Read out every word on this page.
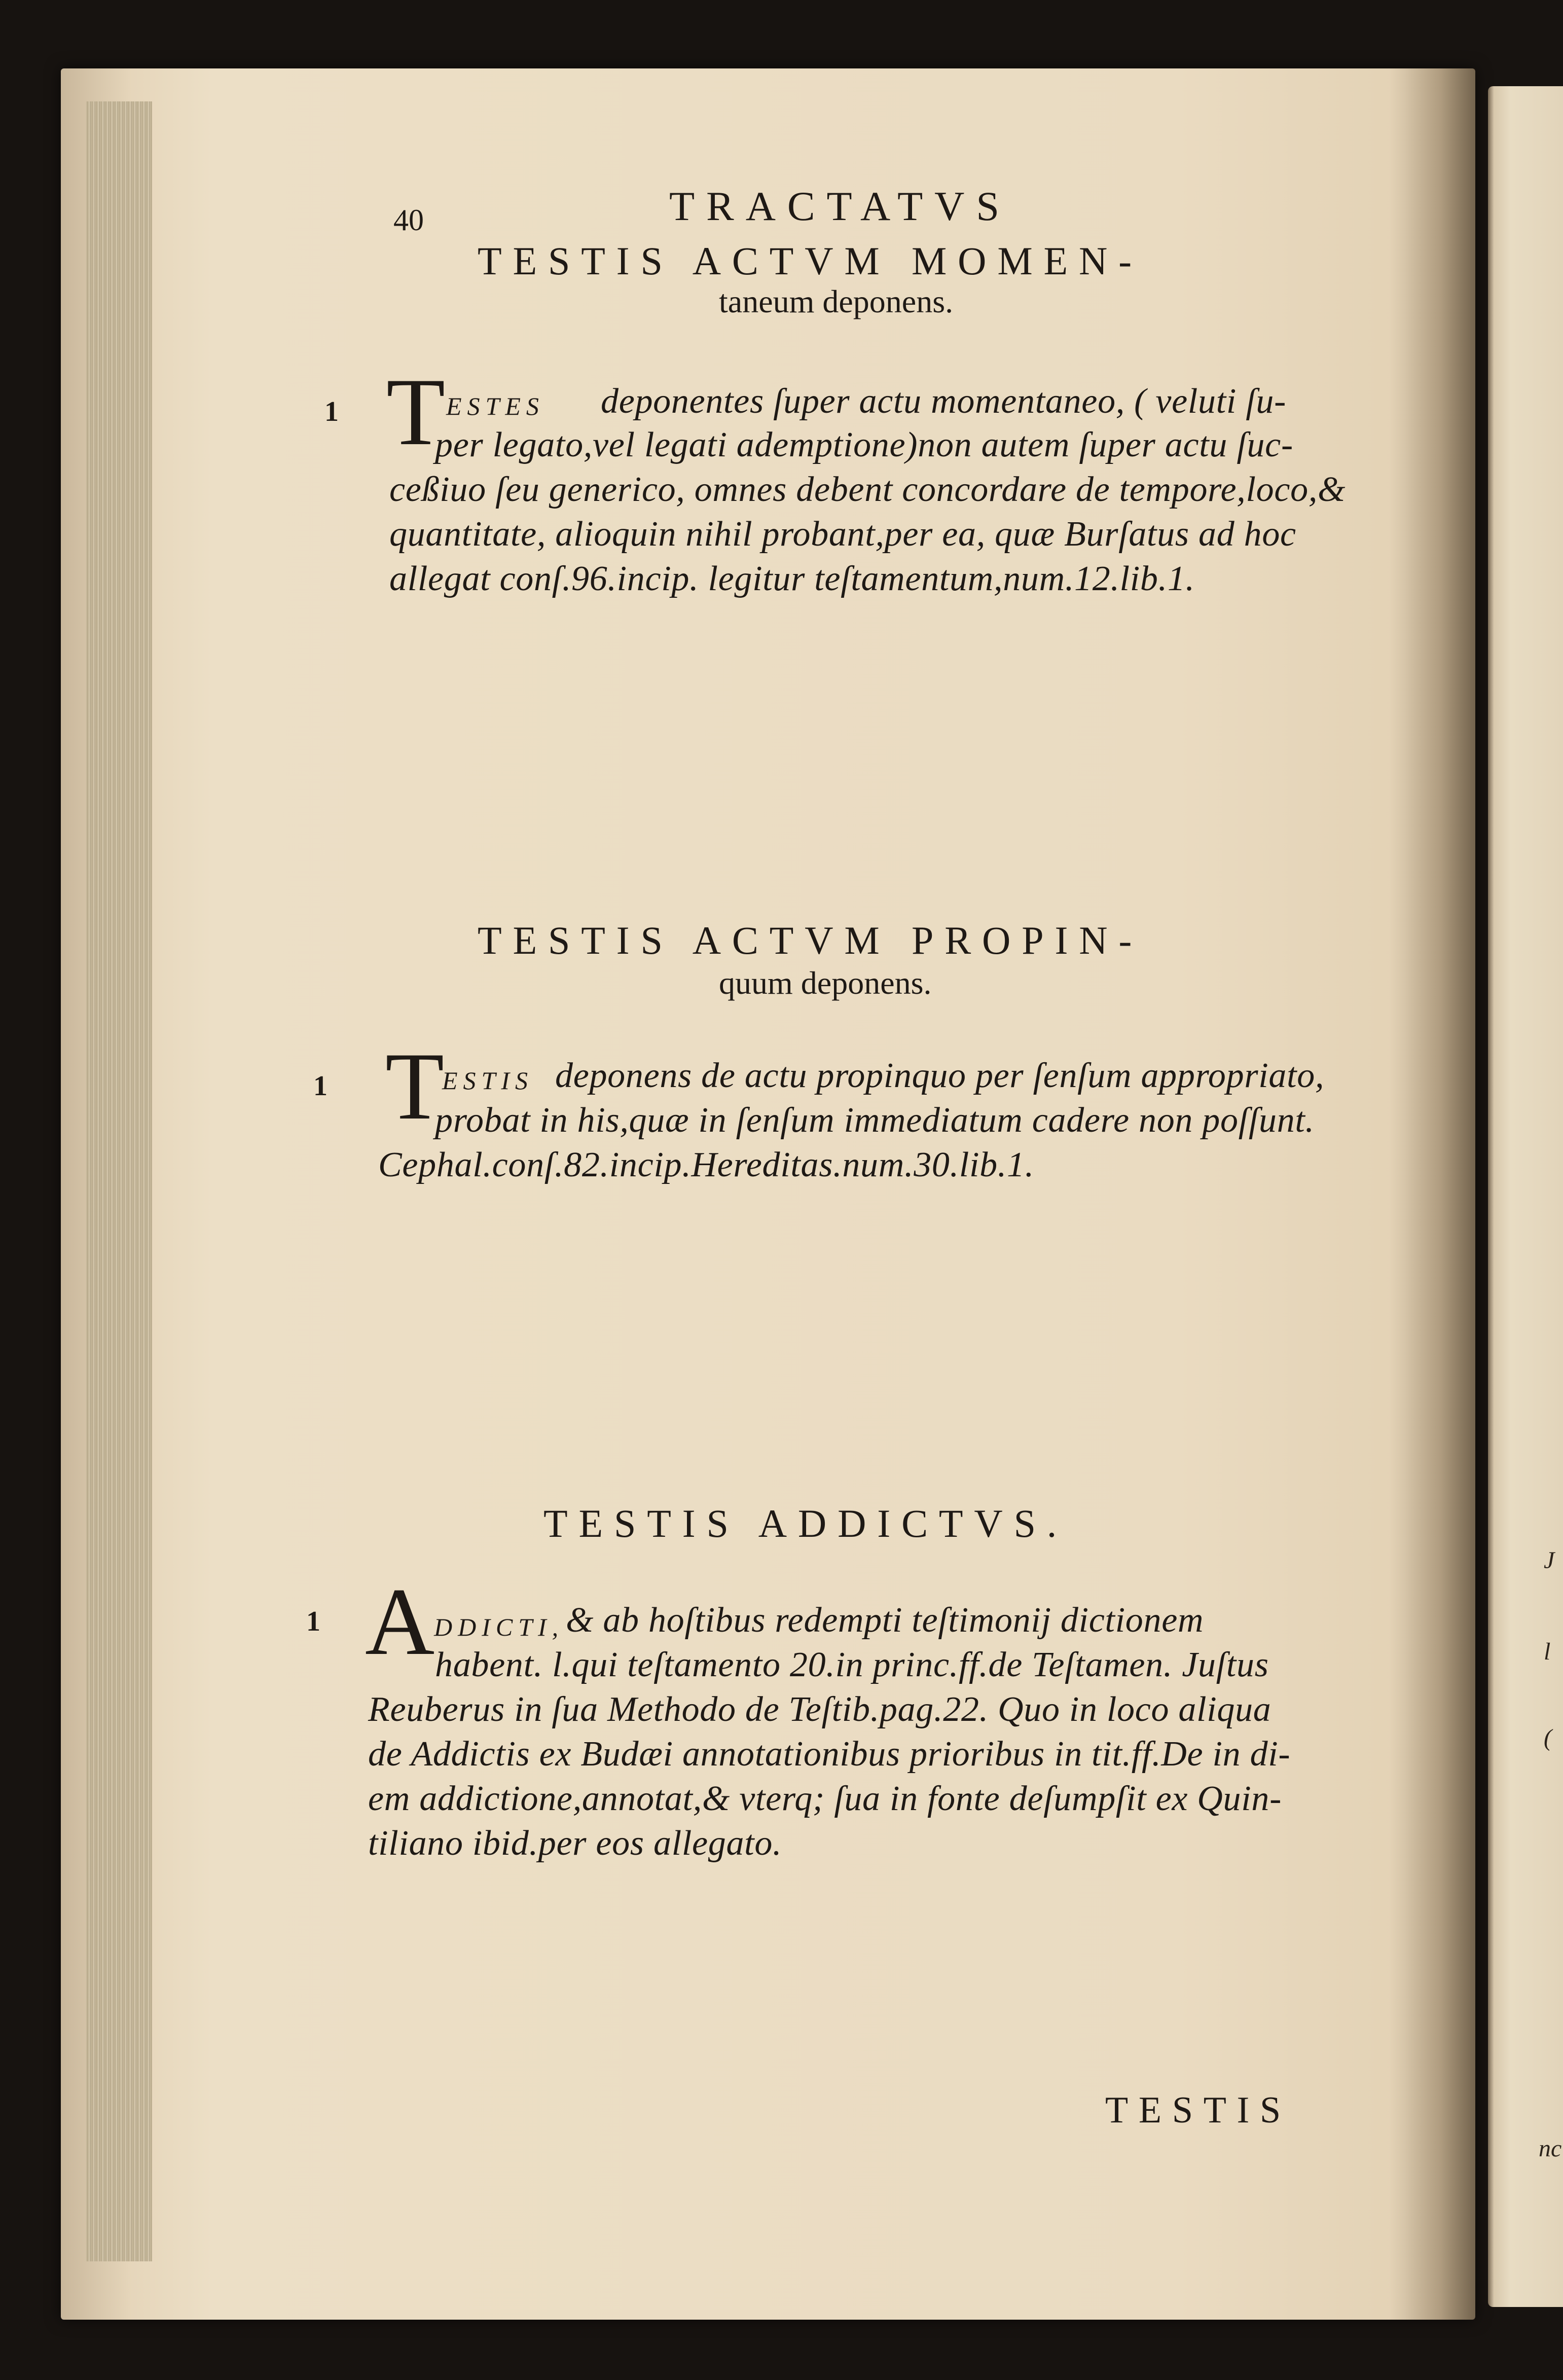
J
l
(
nc
40	TRACTATVS
TESTIS ACTVM MOMEN-
taneum deponens.
1 T ESTES deponentes ſuper actu momentaneo, ( veluti ſu-
per legato,vel legati ademptione)non autem ſuper actu ſuc-
ceßiuo ſeu generico, omnes debent concordare de tempore,loco,&
quantitate, alioquin nihil probant,per ea, quæ Burſatus ad hoc
allegat conſ.96.incip. legitur teſtamentum,num.12.lib.1.
TESTIS ACTVM PROPIN-
quum deponens.
1 T
ESTIS deponens de actu propinquo per ſenſum appropriato,
probat in his,quæ in ſenſum immediatum cadere non poſſunt.
Cephal.conſ.82.incip.Hereditas.num.30.lib.1.
TESTIS ADDICTVS.
1 A
DDICTI, & ab hoſtibus redempti teſtimonij dictionem
habent. l.qui teſtamento 20.in princ.ff.de Teſtamen. Juſtus
Reuberus in ſua Methodo de Teſtib.pag.22. Quo in loco aliqua
de Addictis ex Budæi annotationibus prioribus in tit.ff.De in di-
em addictione,annotat,& vterq; ſua in fonte deſumpſit ex Quin-
tiliano ibid.per eos allegato.
TESTIS
